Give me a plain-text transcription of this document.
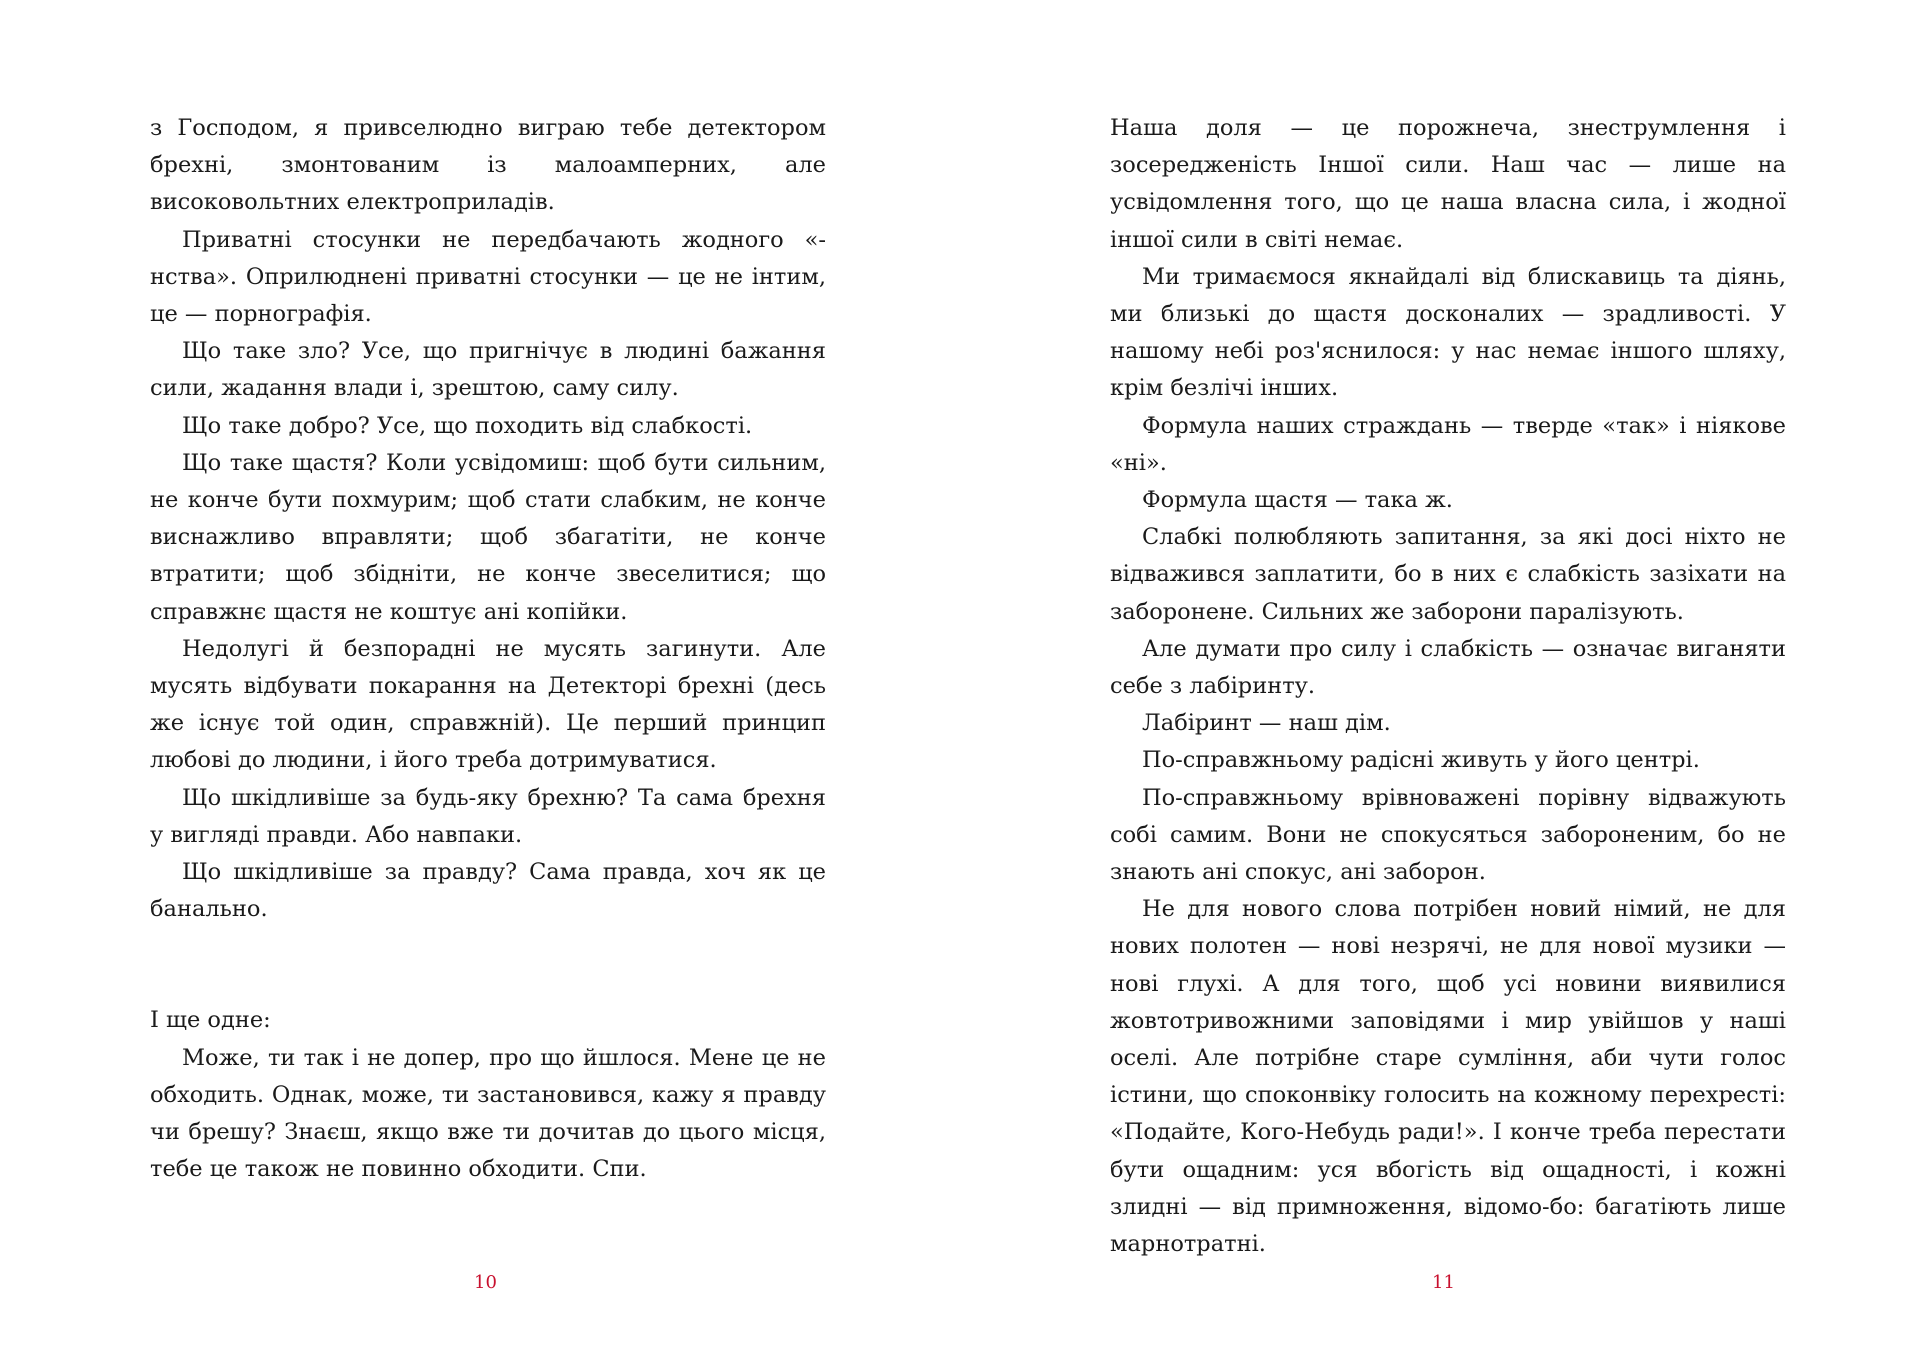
з Господом, я привселюдно виграю тебе детектором брехні, змонтованим із малоамперних, але високовольтних електроприладів.

Приватні стосунки не передбачають жодного «-нства». Оприлюднені приватні стосунки — це не інтим, це — порнографія.

Що таке зло? Усе, що пригнічує в людині бажання сили, жадання влади і, зрештою, саму силу.

Що таке добро? Усе, що походить від слабкості.

Що таке щастя? Коли усвідомиш: щоб бути сильним, не конче бути похмурим; щоб стати слабким, не конче виснажливо вправляти; щоб збагатіти, не конче втратити; щоб збідніти, не конче звеселитися; що справжнє щастя не коштує ані копійки.

Недолугі й безпорадні не мусять загинути. Але мусять відбувати покарання на Детекторі брехні (десь же існує той один, справжній). Це перший принцип любові до людини, і його треба дотримуватися.

Що шкідливіше за будь-яку брехню? Та сама брехня у вигляді правди. Або навпаки.

Що шкідливіше за правду? Сама правда, хоч як це банально.

І ще одне:

Може, ти так і не допер, про що йшлося. Мене це не обходить. Однак, може, ти застановився, кажу я правду чи брешу? Знаєш, якщо вже ти дочитав до цього місця, тебе це також не повинно обходити. Спи.

Наша доля — це порожнеча, знеструмлення і зосередженість Іншої сили. Наш час — лише на усвідомлення того, що це наша власна сила, і жодної іншої сили в світі немає.

Ми тримаємося якнайдалі від блискавиць та діянь, ми близькі до щастя досконалих — зрадливості. У нашому небі роз'яснилося: у нас немає іншого шляху, крім безлічі інших.

Формула наших страждань — тверде «так» і ніякове «ні».

Формула щастя — така ж.

Слабкі полюбляють запитання, за які досі ніхто не відважився заплатити, бо в них є слабкість зазіхати на заборонене. Сильних же заборони паралізують.

Але думати про силу і слабкість — означає виганяти себе з лабіринту.

Лабіринт — наш дім.

По-справжньому радісні живуть у його центрі.

По-справжньому врівноважені порівну відважують собі самим. Вони не спокусяться забороненим, бо не знають ані спокус, ані заборон.

Не для нового слова потрібен новий німий, не для нових полотен — нові незрячі, не для нової музики — нові глухі. А для того, щоб усі новини виявилися жовтотривожними заповідями і мир увійшов у наші оселі. Але потрібне старе сумління, аби чути голос істини, що споконвіку голосить на кожному перехресті: «Подайте, Кого-Небудь ради!». І конче треба перестати бути ощадним: уся вбогість від ощадності, і кожні злидні — від примноження, відомо-бо: багатіють лише марнотратні.

10	11
